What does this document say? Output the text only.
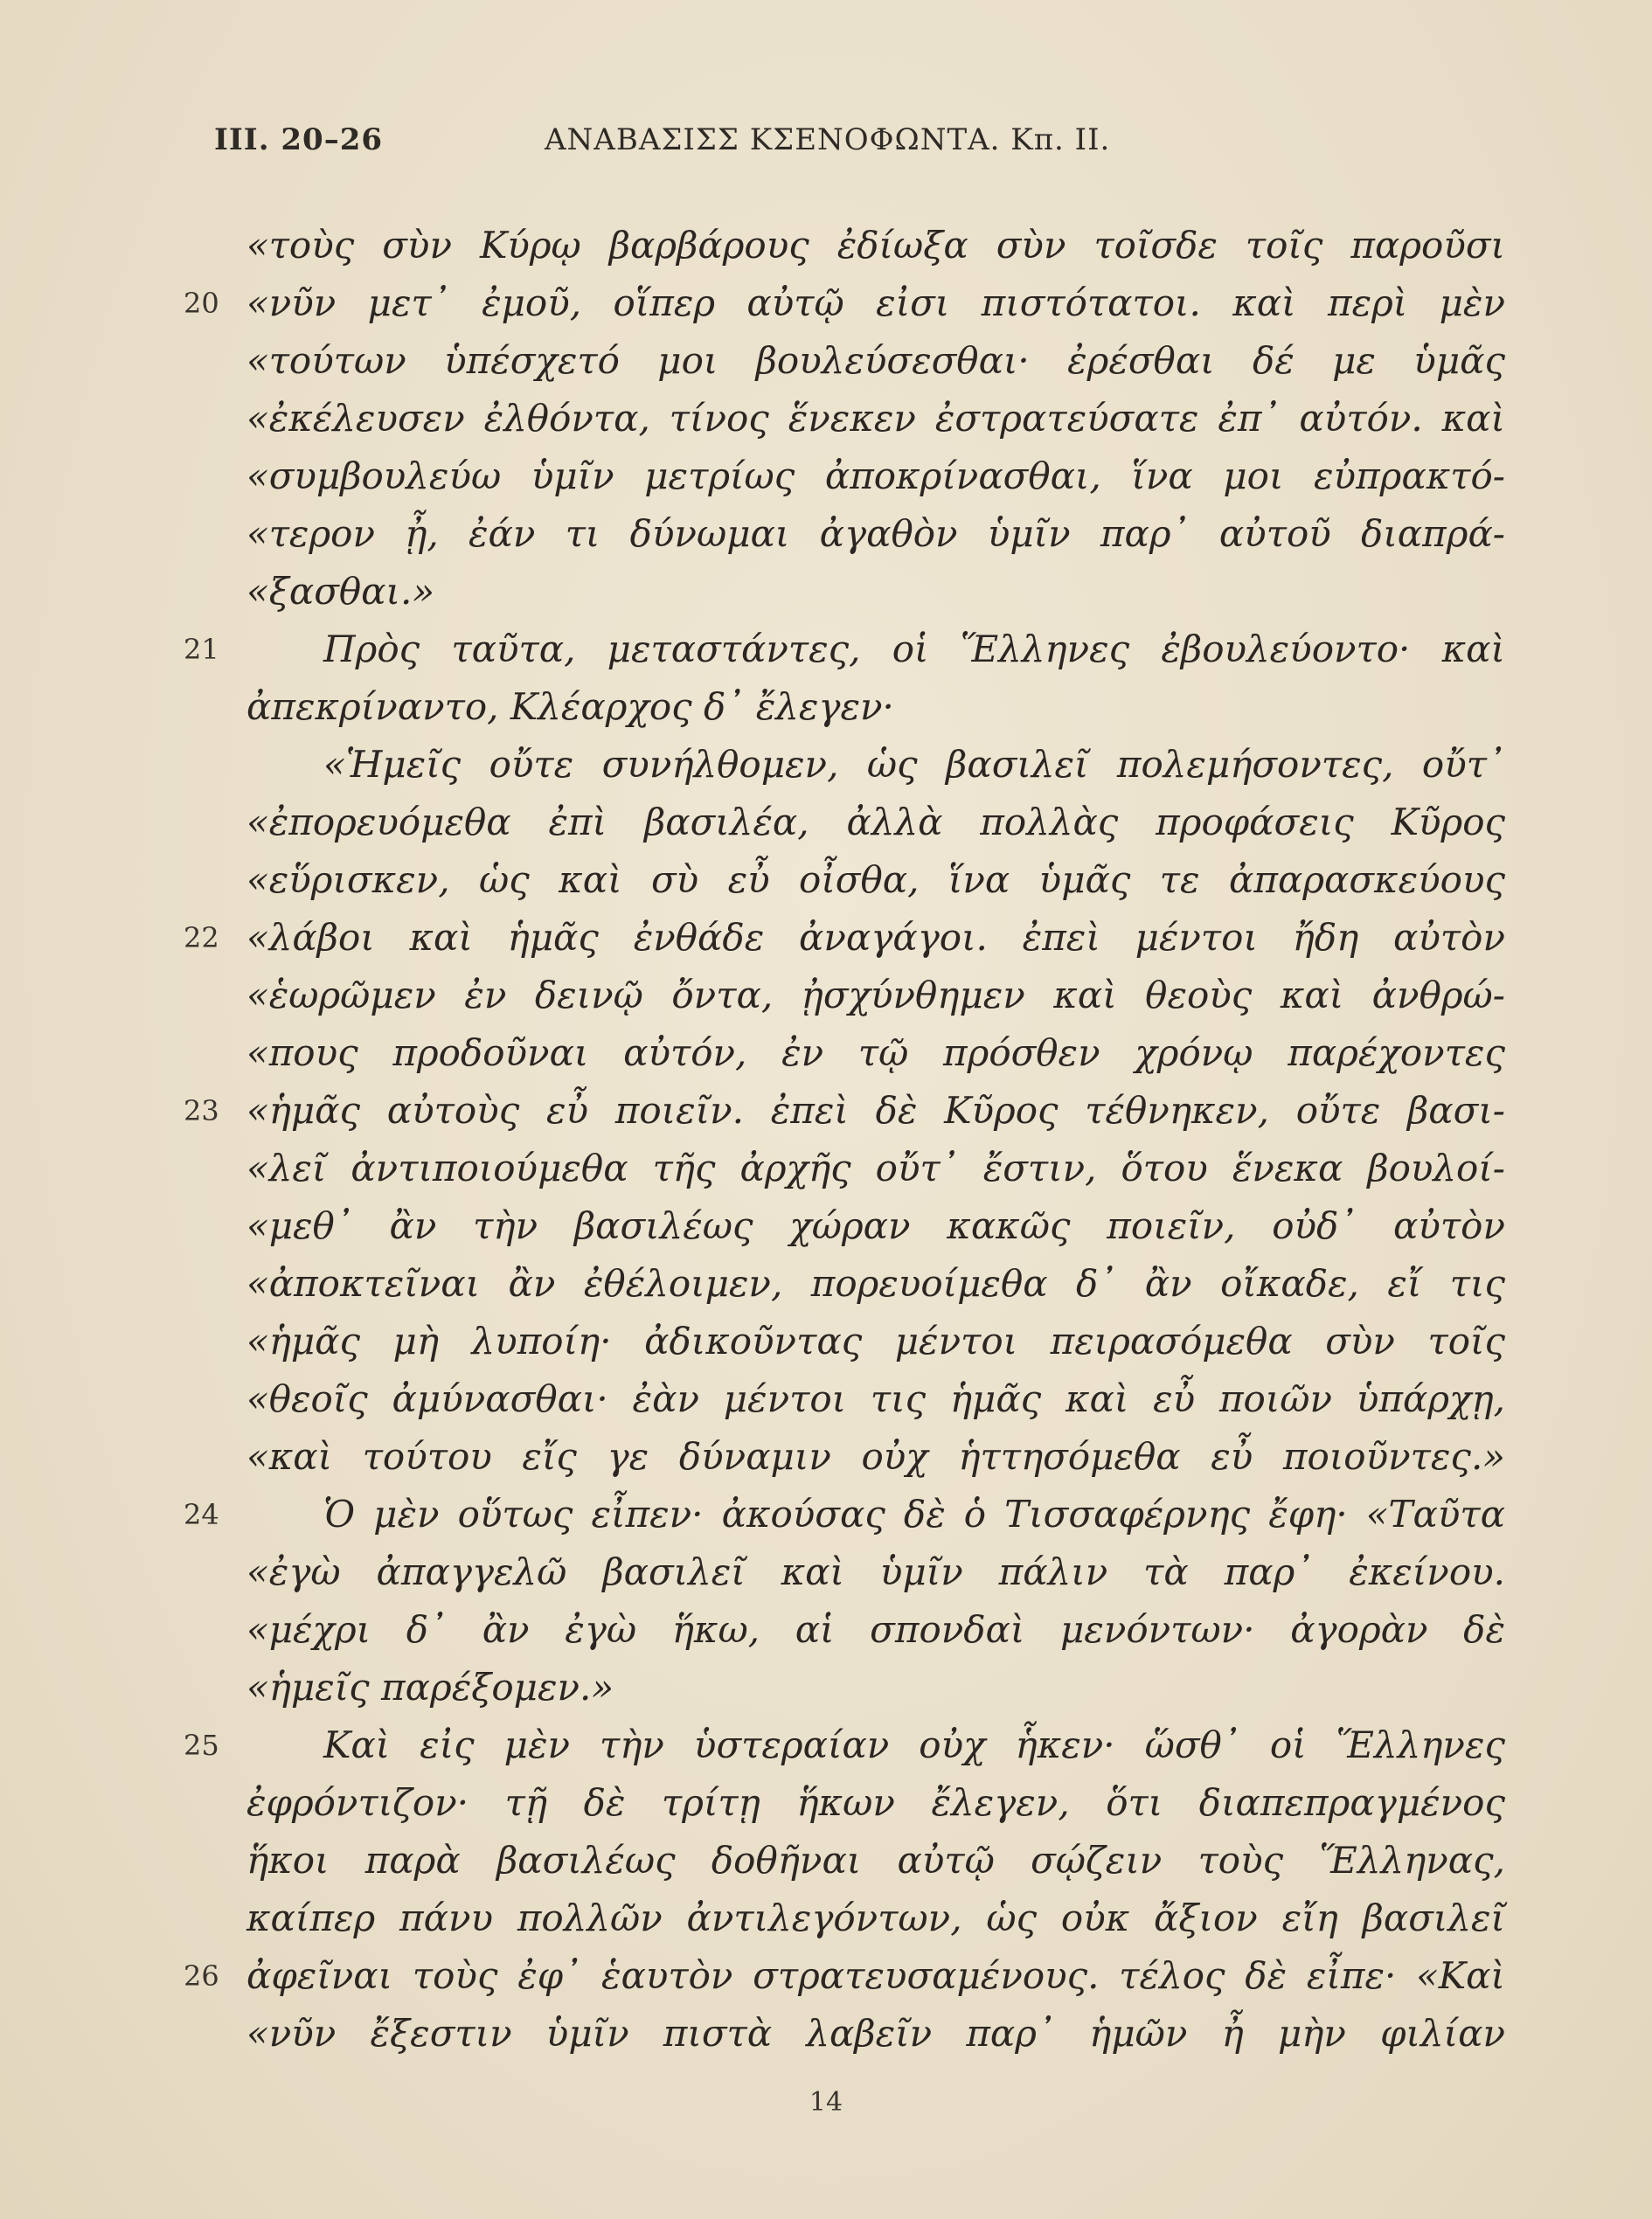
III. 20–26	ΑΝΑΒΑΣΙΣΣ ΚΣΕΝΟΦΩΝΤΑ. Κπ. II.
«τοὺς σὺν Κύρῳ βαρβάρους ἐδίωξα σὺν τοῖσδε τοῖς παροῦσι
20 «νῦν μετ᾽ ἐμοῦ, οἵπερ αὐτῷ εἰσι πιστότατοι. καὶ περὶ μὲν
«τούτων ὑπέσχετό μοι βουλεύσεσθαι· ἐρέσθαι δέ με ὑμᾶς
«ἐκέλευσεν ἐλθόντα, τίνος ἕνεκεν ἐστρατεύσατε ἐπ᾽ αὐτόν. καὶ
«συμβουλεύω ὑμῖν μετρίως ἀποκρίνασθαι, ἵνα μοι εὐπρακτό-
«τερον ᾖ, ἐάν τι δύνωμαι ἀγαθὸν ὑμῖν παρ᾽ αὐτοῦ διαπρά-
«ξασθαι.»
21	Πρὸς ταῦτα, μεταστάντες, οἱ Ἕλληνες ἐβουλεύοντο· καὶ
ἀπεκρίναντο, Κλέαρχος δ᾽ ἔλεγεν·
«Ἡμεῖς οὔτε συνήλθομεν, ὡς βασιλεῖ πολεμήσοντες, οὔτ᾽
«ἐπορευόμεθα ἐπὶ βασιλέα, ἀλλὰ πολλὰς προφάσεις Κῦρος
«εὕρισκεν, ὡς καὶ σὺ εὖ οἶσθα, ἵνα ὑμᾶς τε ἀπαρασκεύους
22 «λάβοι καὶ ἡμᾶς ἐνθάδε ἀναγάγοι. ἐπεὶ μέντοι ἤδη αὐτὸν
«ἑωρῶμεν ἐν δεινῷ ὄντα, ᾐσχύνθημεν καὶ θεοὺς καὶ ἀνθρώ-
«πους προδοῦναι αὐτόν, ἐν τῷ πρόσθεν χρόνῳ παρέχοντες
23 «ἡμᾶς αὐτοὺς εὖ ποιεῖν. ἐπεὶ δὲ Κῦρος τέθνηκεν, οὔτε βασι-
«λεῖ ἀντιποιούμεθα τῆς ἀρχῆς οὔτ᾽ ἔστιν, ὅτου ἕνεκα βουλοί-
«μεθ᾽ ἂν τὴν βασιλέως χώραν κακῶς ποιεῖν, οὐδ᾽ αὐτὸν
«ἀποκτεῖναι ἂν ἐθέλοιμεν, πορευοίμεθα δ᾽ ἂν οἴκαδε, εἴ τις
«ἡμᾶς μὴ λυποίη· ἀδικοῦντας μέντοι πειρασόμεθα σὺν τοῖς
«θεοῖς ἀμύνασθαι· ἐὰν μέντοι τις ἡμᾶς καὶ εὖ ποιῶν ὑπάρχῃ,
«καὶ τούτου εἴς γε δύναμιν οὐχ ἡττησόμεθα εὖ ποιοῦντες.»
24	Ὁ μὲν οὕτως εἶπεν· ἀκούσας δὲ ὁ Τισσαφέρνης ἔφη· «Ταῦτα
«ἐγὼ ἀπαγγελῶ βασιλεῖ καὶ ὑμῖν πάλιν τὰ παρ᾽ ἐκείνου.
«μέχρι δ᾽ ἂν ἐγὼ ἥκω, αἱ σπονδαὶ μενόντων· ἀγορὰν δὲ
«ἡμεῖς παρέξομεν.»
25	Καὶ εἰς μὲν τὴν ὑστεραίαν οὐχ ἧκεν· ὥσθ᾽ οἱ Ἕλληνες
ἐφρόντιζον· τῇ δὲ τρίτῃ ἥκων ἔλεγεν, ὅτι διαπεπραγμένος
ἥκοι παρὰ βασιλέως δοθῆναι αὐτῷ σῴζειν τοὺς Ἕλληνας,
καίπερ πάνυ πολλῶν ἀντιλεγόντων, ὡς οὐκ ἄξιον εἴη βασιλεῖ
26 ἀφεῖναι τοὺς ἐφ᾽ ἑαυτὸν στρατευσαμένους. τέλος δὲ εἶπε· «Καὶ
«νῦν ἔξεστιν ὑμῖν πιστὰ λαβεῖν παρ᾽ ἡμῶν ἦ μὴν φιλίαν
14
